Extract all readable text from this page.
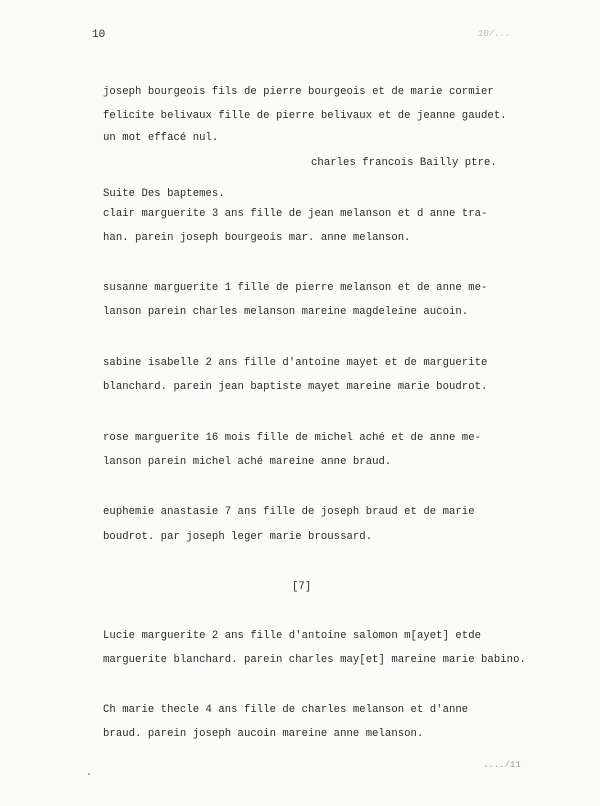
10	10/...
joseph bourgeois fils de pierre bourgeois et de marie cormier
felicite belivaux fille de pierre belivaux et de jeanne gaudet.
un mot effacé nul.
charles francois Bailly ptre.
Suite Des baptemes.
clair marguerite 3 ans fille de jean melanson et d anne tra-
han. parein joseph bourgeois mar. anne melanson.
susanne marguerite 1 fille de pierre melanson et de anne me-
lanson parein charles melanson mareine magdeleine aucoin.
sabine isabelle 2 ans fille d'antoine mayet et de marguerite
blanchard. parein jean baptiste mayet mareine marie boudrot.
rose marguerite 16 mois fille de michel aché et de anne me-
lanson parein michel aché mareine anne braud.
euphemie anastasie 7 ans fille de joseph braud et de marie
boudrot. par joseph leger marie broussard.
[7]
Lucie marguerite 2 ans fille d'antoine salomon m[ayet] etde
marguerite blanchard. parein charles may[et] mareine marie babino.
Ch marie thecle 4 ans fille de charles melanson et d'anne
braud. parein joseph aucoin mareine anne melanson.
..../11
